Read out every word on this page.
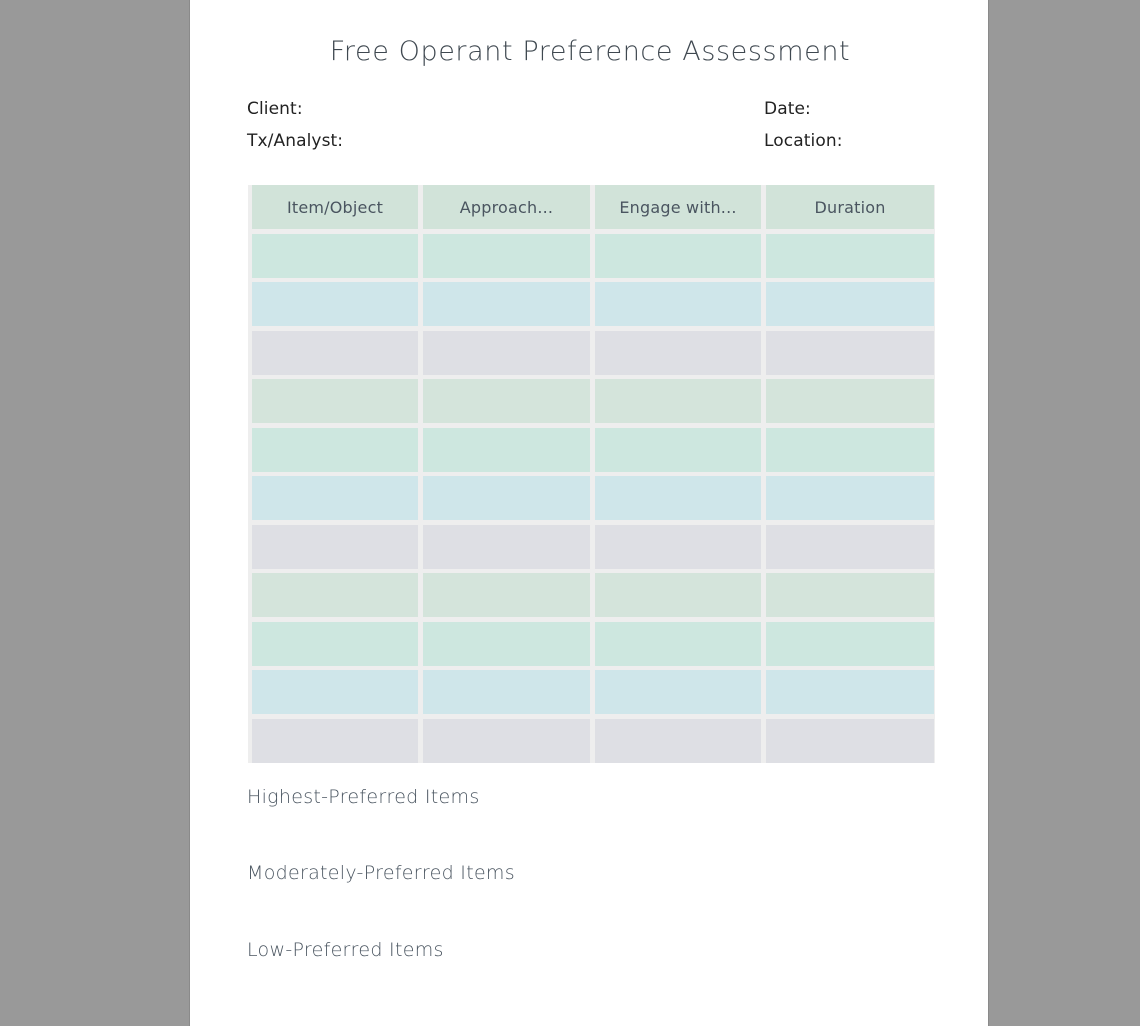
Free Operant Preference Assessment
Client:
Tx/Analyst:
Date:
Location:
Item/Object	Approach...	Engage with...	Duration
Highest-Preferred Items
Moderately-Preferred Items
Low-Preferred Items
